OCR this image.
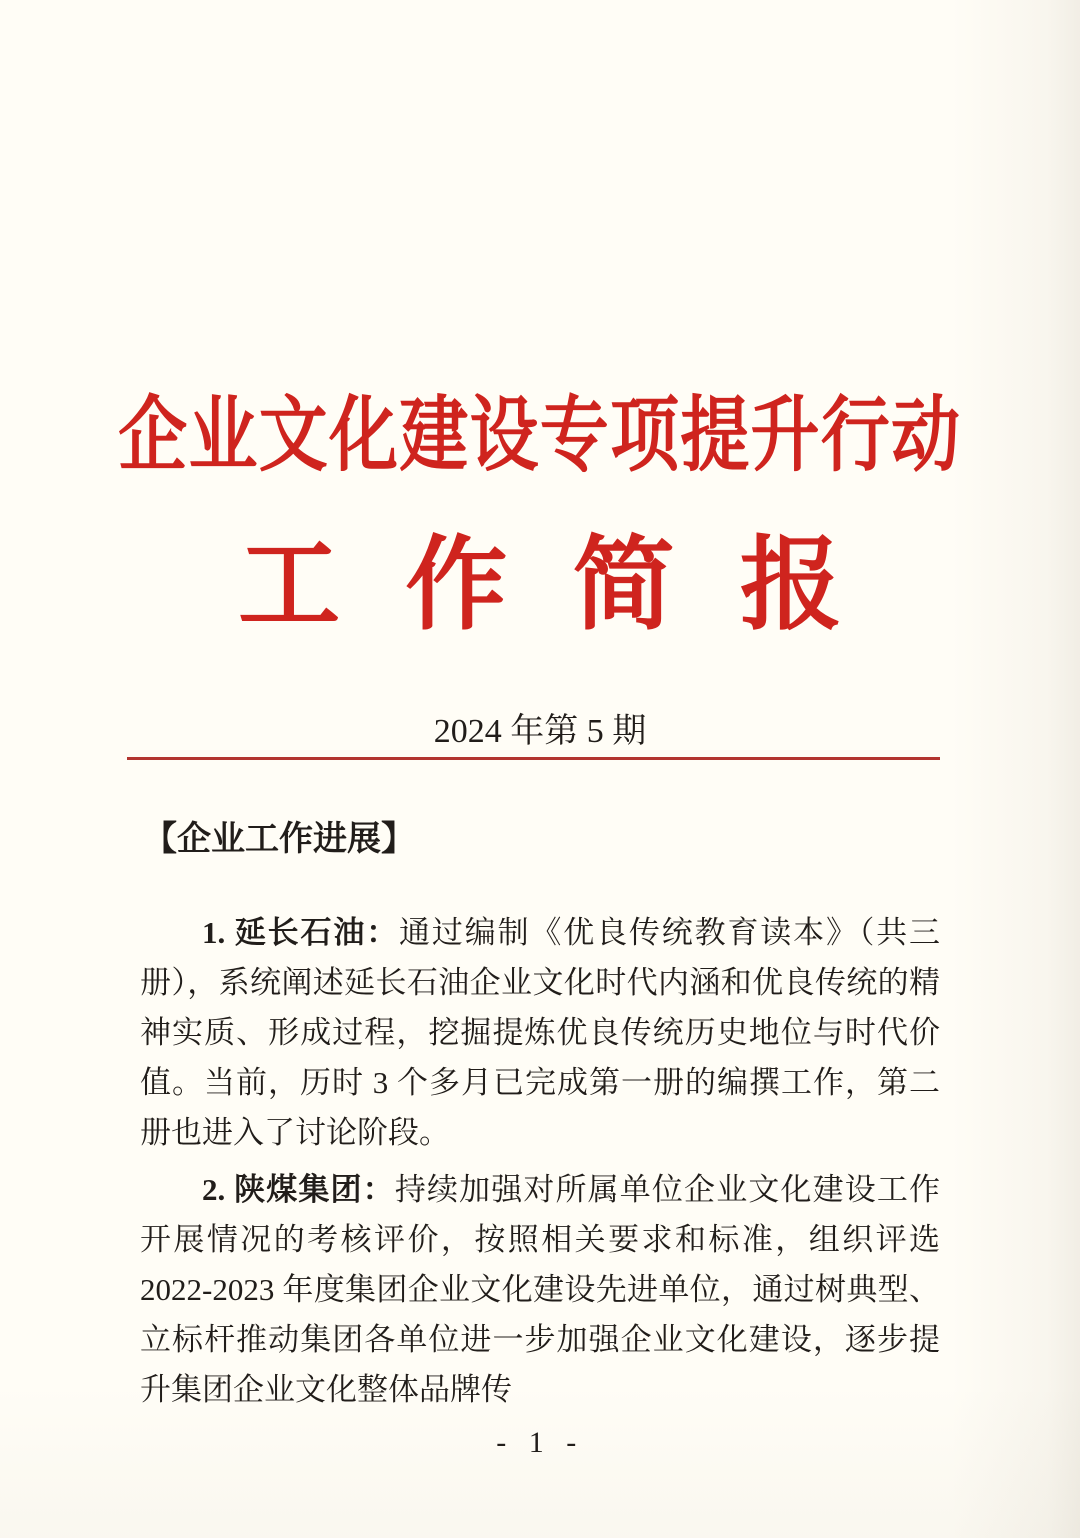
企业文化建设专项提升行动
工作简报
2024 年第 5 期
【企业工作进展】

1. 延长石油：通过编制《优良传统教育读本》（共三册），系统阐述延长石油企业文化时代内涵和优良传统的精神实质、形成过程，挖掘提炼优良传统历史地位与时代价值。当前，历时 3 个多月已完成第一册的编撰工作，第二册也进入了讨论阶段。

2. 陕煤集团：持续加强对所属单位企业文化建设工作开展情况的考核评价，按照相关要求和标准，组织评选 2022-2023 年度集团企业文化建设先进单位，通过树典型、立标杆推动集团各单位进一步加强企业文化建设，逐步提升集团企业文化整体品牌传

- 1 -
